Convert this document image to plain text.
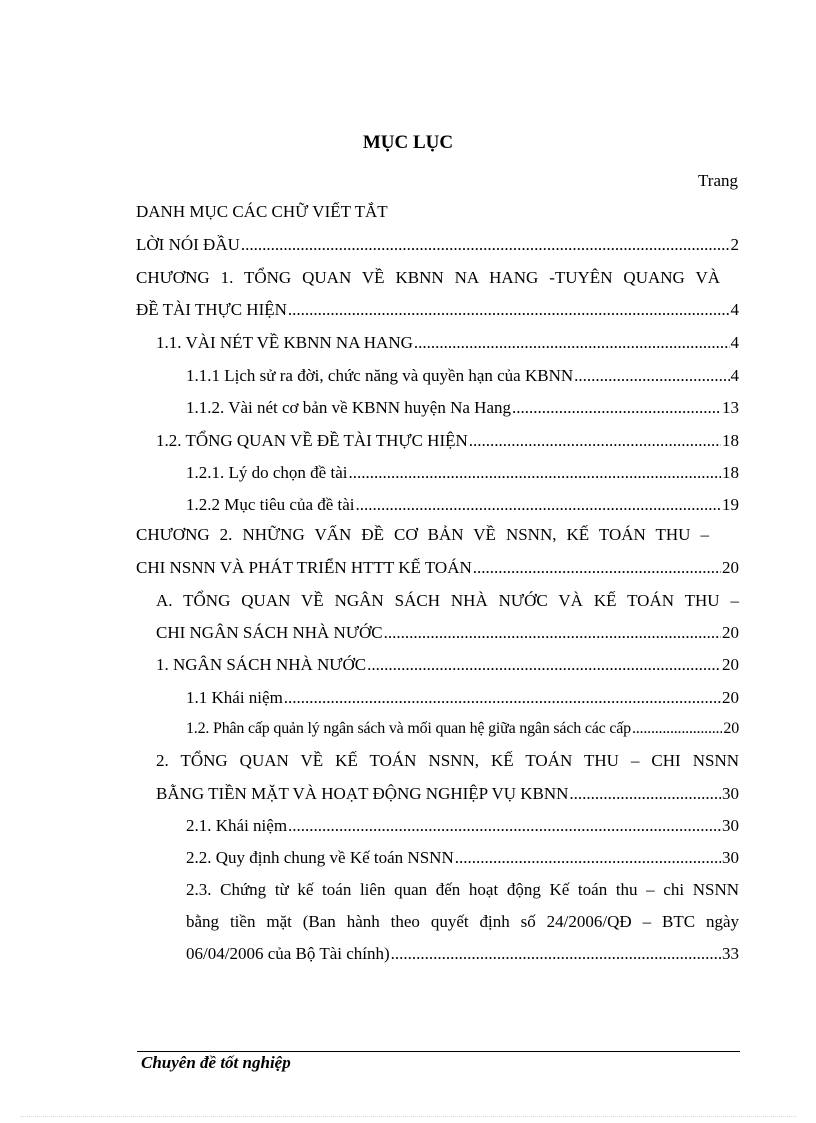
MỤC LỤC
Trang
DANH MỤC CÁC CHỮ VIẾT TẮT
LỜI NÓI ĐẦU .....	2
CHƯƠNG 1. TỔNG QUAN VỀ KBNN NA HANG -TUYÊN QUANG VÀ
ĐỀ TÀI THỰC HIỆN .....	4
1.1. VÀI NÉT VỀ KBNN NA HANG .....	4
1.1.1 Lịch sử ra đời, chức năng và quyền hạn của KBNN .....	4
1.1.2. Vài nét cơ bản về KBNN huyện Na Hang .....	13
1.2. TỔNG QUAN VỀ ĐỀ TÀI THỰC HIỆN .....	18
1.2.1. Lý do chọn đề tài .....	18
1.2.2 Mục tiêu của đề tài .....	19
CHƯƠNG 2. NHỮNG VẤN ĐỀ CƠ BẢN VỀ NSNN, KẾ TOÁN THU –
CHI NSNN VÀ PHÁT TRIỂN HTTT KẾ TOÁN .....	20
A. TỔNG QUAN VỀ NGÂN SÁCH NHÀ NƯỚC VÀ KẾ TOÁN THU –
CHI NGÂN SÁCH NHÀ NƯỚC .....	20
1. NGÂN SÁCH NHÀ NƯỚC .....	20
1.1 Khái niệm .....	20
1.2. Phân cấp quản lý ngân sách và mối quan hệ giữa ngân sách các cấp .....	20
2. TỔNG QUAN VỀ KẾ TOÁN NSNN, KẾ TOÁN THU – CHI NSNN
BẰNG TIỀN MẶT VÀ HOẠT ĐỘNG NGHIỆP VỤ KBNN .....	30
2.1. Khái niệm .....	30
2.2. Quy định chung về Kế toán NSNN .....	30
2.3. Chứng từ kế toán liên quan đến hoạt động Kế toán thu – chi NSNN
bằng tiền mặt (Ban hành theo quyết định số 24/2006/QĐ – BTC ngày
06/04/2006 của Bộ Tài chính) .....	33
Chuyên đề tốt nghiệp
